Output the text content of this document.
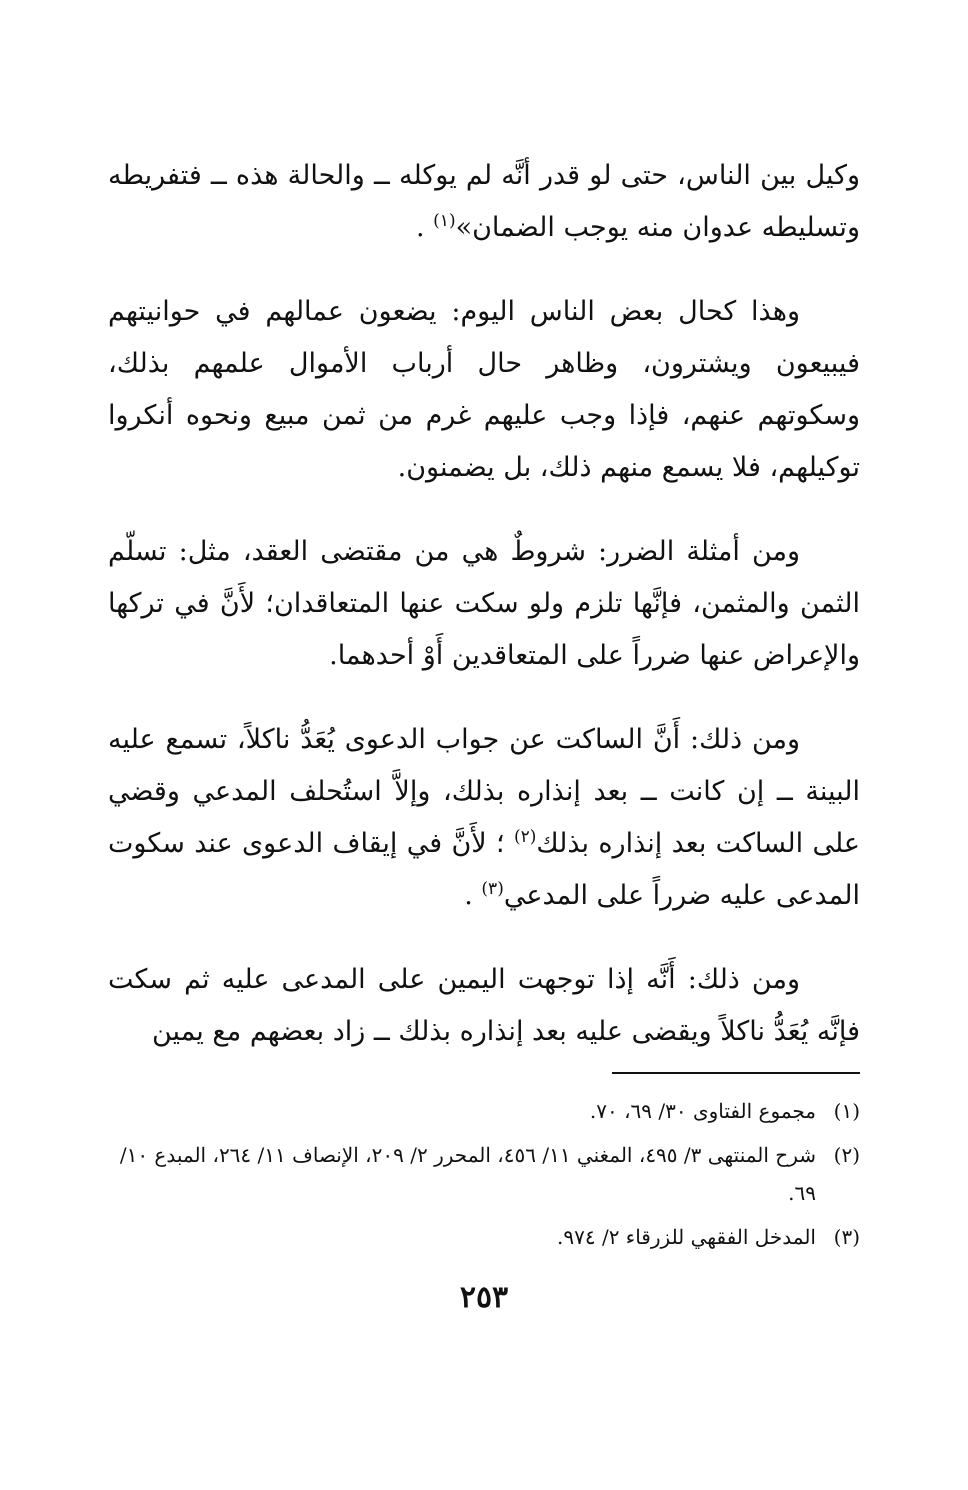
وكيل بين الناس، حتى لو قدر أنَّه لم يوكله ــ والحالة هذه ــ فتفريطه وتسليطه عدوان منه يوجب الضمان»$^{(١)}$ .

وهذا كحال بعض الناس اليوم: يضعون عمالهم في حوانيتهم فيبيعون ويشترون، وظاهر حال أرباب الأموال علمهم بذلك، وسكوتهم عنهم، فإذا وجب عليهم غرم من ثمن مبيع ونحوه أنكروا توكيلهم، فلا يسمع منهم ذلك، بل يضمنون.

ومن أمثلة الضرر: شروطٌ هي من مقتضى العقد، مثل: تسلّم الثمن والمثمن، فإنَّها تلزم ولو سكت عنها المتعاقدان؛ لأَنَّ في تركها والإعراض عنها ضرراً على المتعاقدين أَوْ أحدهما.

ومن ذلك: أَنَّ الساكت عن جواب الدعوى يُعَدُّ ناكلاً، تسمع عليه البينة ــ إن كانت ــ بعد إنذاره بذلك، وإلاَّ استُحلف المدعي وقضي على الساكت بعد إنذاره بذلك$^{(٢)}$ ؛ لأَنَّ في إيقاف الدعوى عند سكوت المدعى عليه ضرراً على المدعي$^{(٣)}$ .

ومن ذلك: أَنَّه إذا توجهت اليمين على المدعى عليه ثم سكت فإنَّه يُعَدُّ ناكلاً ويقضى عليه بعد إنذاره بذلك ــ زاد بعضهم مع يمين

(١)
مجموع الفتاوى ٣٠/ ٦٩، ٧٠.
(٢)
شرح المنتهى ٣/ ٤٩٥، المغني ١١/ ٤٥٦، المحرر ٢/ ٢٠٩، الإنصاف ١١/ ٢٦٤، المبدع ١٠/ ٦٩.
(٣)
المدخل الفقهي للزرقاء ٢/ ٩٧٤.
٢٥٣
